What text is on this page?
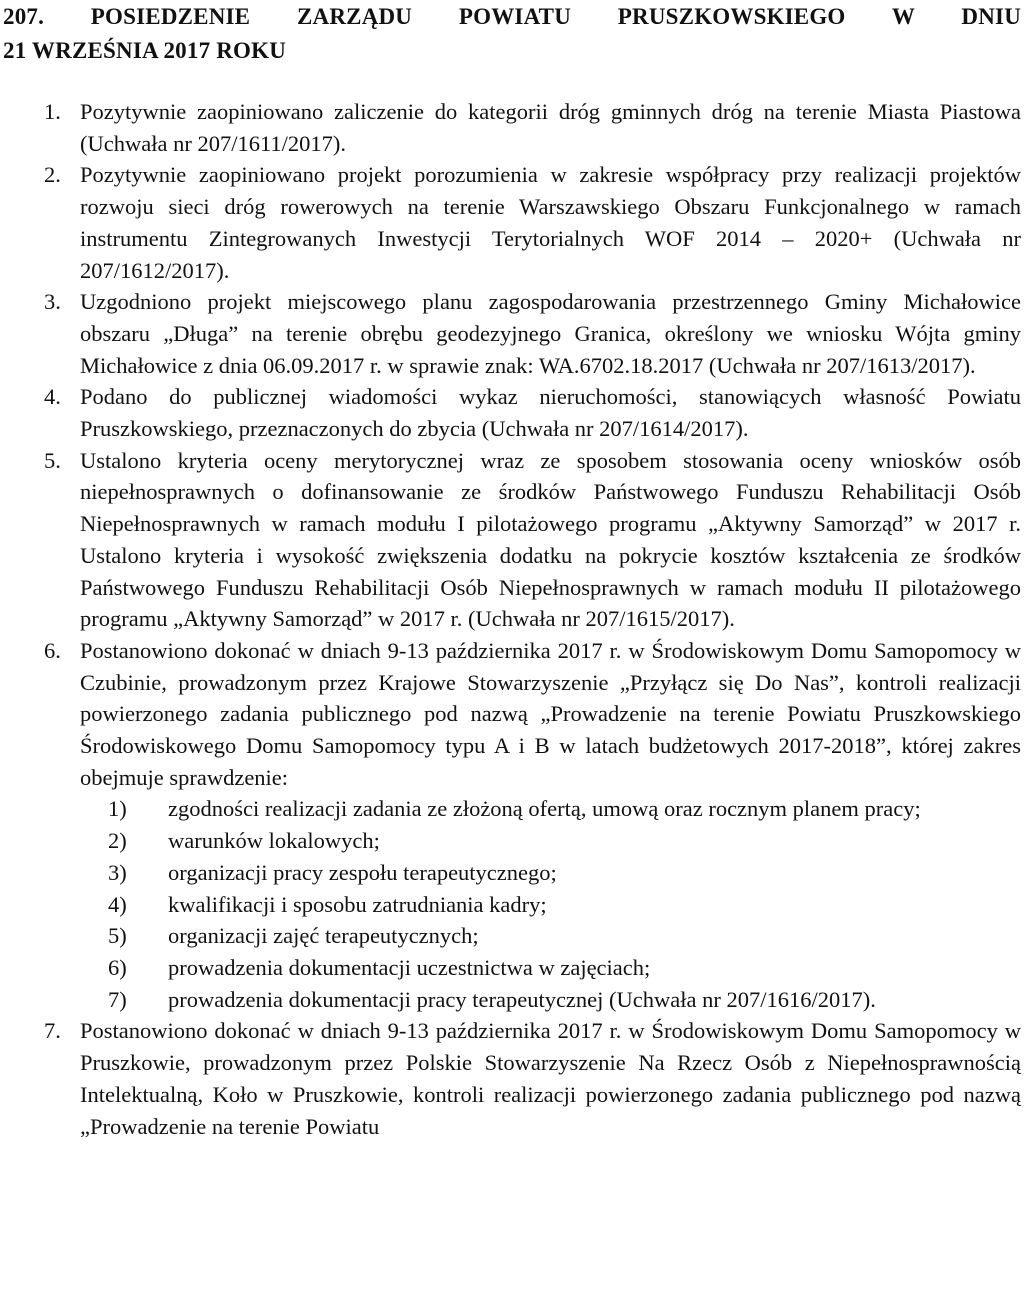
207. POSIEDZENIE ZARZĄDU POWIATU PRUSZKOWSKIEGO W DNIU
21 WRZEŚNIA 2017 ROKU
1. Pozytywnie zaopiniowano zaliczenie do kategorii dróg gminnych dróg na terenie Miasta Piastowa (Uchwała nr 207/1611/2017).
2. Pozytywnie zaopiniowano projekt porozumienia w zakresie współpracy przy realizacji projektów rozwoju sieci dróg rowerowych na terenie Warszawskiego Obszaru Funkcjonalnego w ramach instrumentu Zintegrowanych Inwestycji Terytorialnych WOF 2014 – 2020+ (Uchwała nr 207/1612/2017).
3. Uzgodniono projekt miejscowego planu zagospodarowania przestrzennego Gminy Michałowice obszaru „Długa” na terenie obrębu geodezyjnego Granica, określony we wniosku Wójta gminy Michałowice z dnia 06.09.2017 r. w sprawie znak: WA.6702.18.2017 (Uchwała nr 207/1613/2017).
4. Podano do publicznej wiadomości wykaz nieruchomości, stanowiących własność Powiatu Pruszkowskiego, przeznaczonych do zbycia (Uchwała nr 207/1614/2017).
5. Ustalono kryteria oceny merytorycznej wraz ze sposobem stosowania oceny wniosków osób niepełnosprawnych o dofinansowanie ze środków Państwowego Funduszu Rehabilitacji Osób Niepełnosprawnych w ramach modułu I pilotażowego programu „Aktywny Samorząd” w 2017 r. Ustalono kryteria i wysokość zwiększenia dodatku na pokrycie kosztów kształcenia ze środków Państwowego Funduszu Rehabilitacji Osób Niepełnosprawnych w ramach modułu II pilotażowego programu „Aktywny Samorząd” w 2017 r. (Uchwała nr 207/1615/2017).
6. Postanowiono dokonać w dniach 9-13 października 2017 r. w Środowiskowym Domu Samopomocy w Czubinie, prowadzonym przez Krajowe Stowarzyszenie „Przyłącz się Do Nas”, kontroli realizacji powierzonego zadania publicznego pod nazwą „Prowadzenie na terenie Powiatu Pruszkowskiego Środowiskowego Domu Samopomocy typu A i B w latach budżetowych 2017-2018”, której zakres obejmuje sprawdzenie:
1) zgodności realizacji zadania ze złożoną ofertą, umową oraz rocznym planem pracy;
2) warunków lokalowych;
3) organizacji pracy zespołu terapeutycznego;
4) kwalifikacji i sposobu zatrudniania kadry;
5) organizacji zajęć terapeutycznych;
6) prowadzenia dokumentacji uczestnictwa w zajęciach;
7) prowadzenia dokumentacji pracy terapeutycznej (Uchwała nr 207/1616/2017).
7. Postanowiono dokonać w dniach 9-13 października 2017 r. w Środowiskowym Domu Samopomocy w Pruszkowie, prowadzonym przez Polskie Stowarzyszenie Na Rzecz Osób z Niepełnosprawnością Intelektualną, Koło w Pruszkowie, kontroli realizacji powierzonego zadania publicznego pod nazwą „Prowadzenie na terenie Powiatu
